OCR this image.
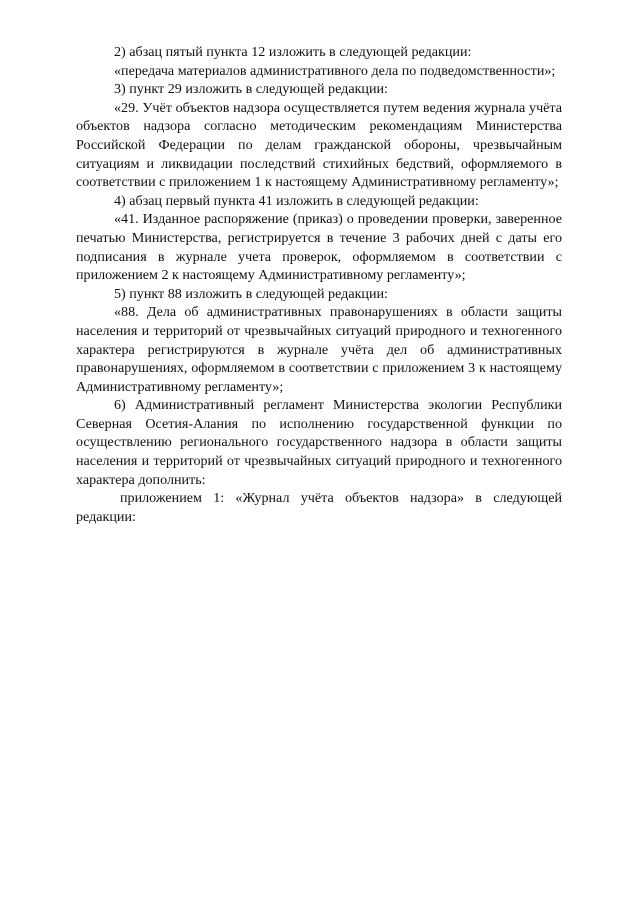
2) абзац пятый пункта 12 изложить в следующей редакции:

«передача материалов административного дела по подведомственности»;

3) пункт 29 изложить в следующей редакции:

«29. Учёт объектов надзора осуществляется путем ведения журнала учёта объектов надзора согласно методическим рекомендациям Министерства Российской Федерации по делам гражданской обороны, чрезвычайным ситуациям и ликвидации последствий стихийных бедствий, оформляемого в соответствии с приложением 1 к настоящему Административному регламенту»;

4) абзац первый пункта 41 изложить в следующей редакции:

«41. Изданное распоряжение (приказ) о проведении проверки, заверенное печатью Министерства, регистрируется в течение 3 рабочих дней с даты его подписания в журнале учета проверок, оформляемом в соответствии с приложением 2 к настоящему Административному регламенту»;

5) пункт 88 изложить в следующей редакции:

«88. Дела об административных правонарушениях в области защиты населения и территорий от чрезвычайных ситуаций природного и техногенного характера регистрируются в журнале учёта дел об административных правонарушениях, оформляемом в соответствии с приложением 3 к настоящему Административному регламенту»;

6) Административный регламент Министерства экологии Республики Северная Осетия-Алания по исполнению государственной функции по осуществлению регионального государственного надзора в области защиты населения и территорий от чрезвычайных ситуаций природного и техногенного характера дополнить:

приложением 1: «Журнал учёта объектов надзора» в следующей редакции:
